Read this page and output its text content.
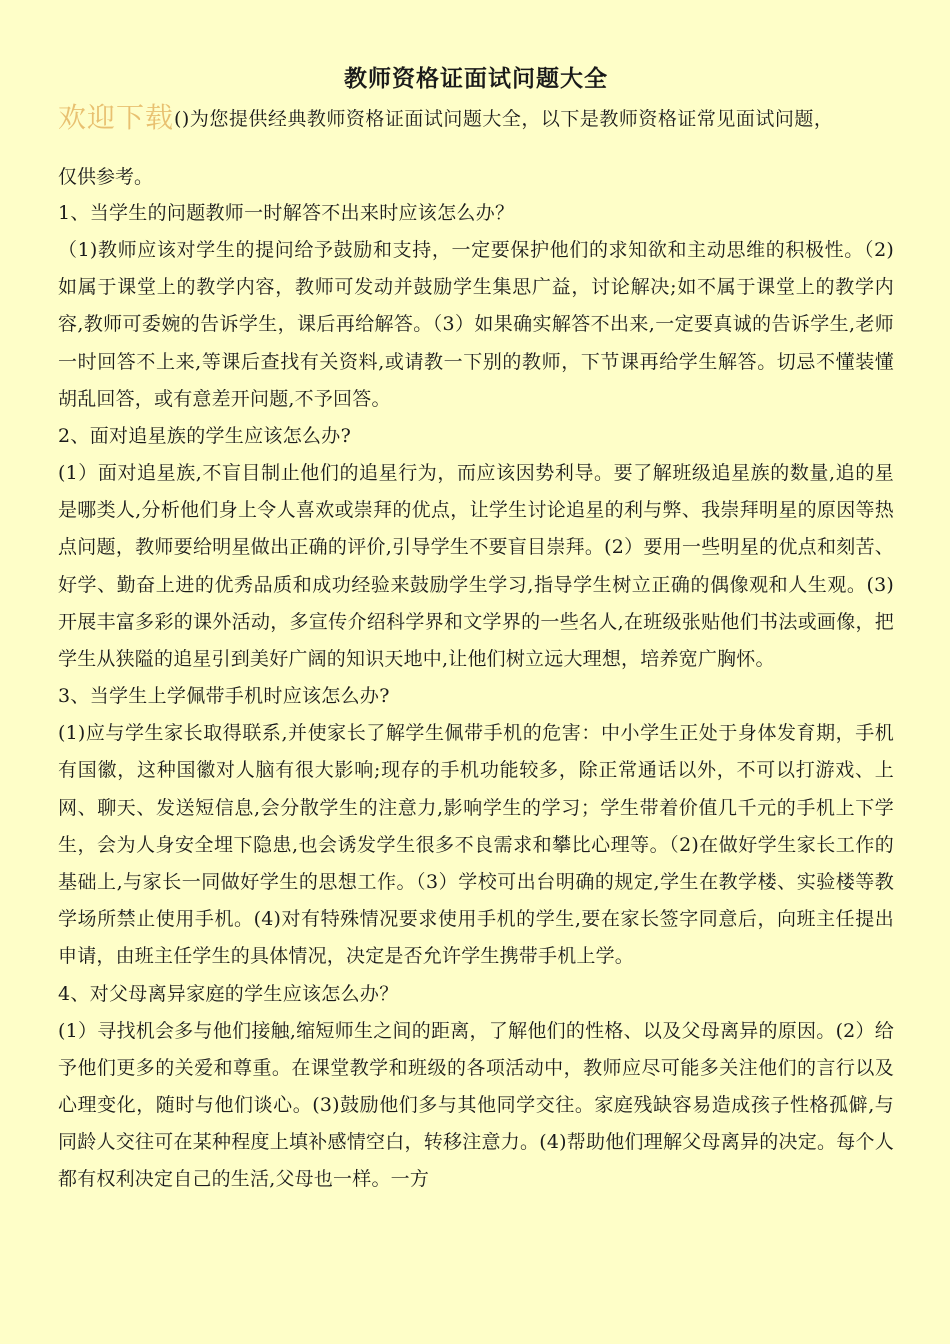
教师资格证面试问题大全

欢迎下载()为您提供经典教师资格证面试问题大全，以下是教师资格证常见面试问题，
仅供参考。

1、当学生的问题教师一时解答不出来时应该怎么办？

（1)教师应该对学生的提问给予鼓励和支持，一定要保护他们的求知欲和主动思维的积极性。（2)如属于课堂上的教学内容，教师可发动并鼓励学生集思广益，讨论解决;如不属于课堂上的教学内容,教师可委婉的告诉学生，课后再给解答。（3）如果确实解答不出来,一定要真诚的告诉学生,老师一时回答不上来,等课后查找有关资料,或请教一下别的教师，下节课再给学生解答。切忌不懂装懂胡乱回答，或有意差开问题,不予回答。

2、面对追星族的学生应该怎么办?

(1）面对追星族,不盲目制止他们的追星行为，而应该因势利导。要了解班级追星族的数量,追的星是哪类人,分析他们身上令人喜欢或崇拜的优点，让学生讨论追星的利与弊、我崇拜明星的原因等热点问题，教师要给明星做出正确的评价,引导学生不要盲目崇拜。(2）要用一些明星的优点和刻苦、好学、勤奋上进的优秀品质和成功经验来鼓励学生学习,指导学生树立正确的偶像观和人生观。(3)开展丰富多彩的课外活动，多宣传介绍科学界和文学界的一些名人,在班级张贴他们书法或画像，把学生从狭隘的追星引到美好广阔的知识天地中,让他们树立远大理想，培养宽广胸怀。

3、当学生上学佩带手机时应该怎么办?

(1)应与学生家长取得联系,并使家长了解学生佩带手机的危害：中小学生正处于身体发育期，手机有国徽，这种国徽对人脑有很大影响;现存的手机功能较多，除正常通话以外，不可以打游戏、上网、聊天、发送短信息,会分散学生的注意力,影响学生的学习；学生带着价值几千元的手机上下学生，会为人身安全埋下隐患,也会诱发学生很多不良需求和攀比心理等。（2)在做好学生家长工作的基础上,与家长一同做好学生的思想工作。（3）学校可出台明确的规定,学生在教学楼、实验楼等教学场所禁止使用手机。(4)对有特殊情况要求使用手机的学生,要在家长签字同意后，向班主任提出申请，由班主任学生的具体情况，决定是否允许学生携带手机上学。

4、对父母离异家庭的学生应该怎么办？

(1）寻找机会多与他们接触,缩短师生之间的距离，了解他们的性格、以及父母离异的原因。(2）给予他们更多的关爱和尊重。在课堂教学和班级的各项活动中，教师应尽可能多关注他们的言行以及心理变化，随时与他们谈心。(3)鼓励他们多与其他同学交往。家庭残缺容易造成孩子性格孤僻,与同龄人交往可在某种程度上填补感情空白，转移注意力。(4)帮助他们理解父母离异的决定。每个人都有权利决定自己的生活,父母也一样。一方
